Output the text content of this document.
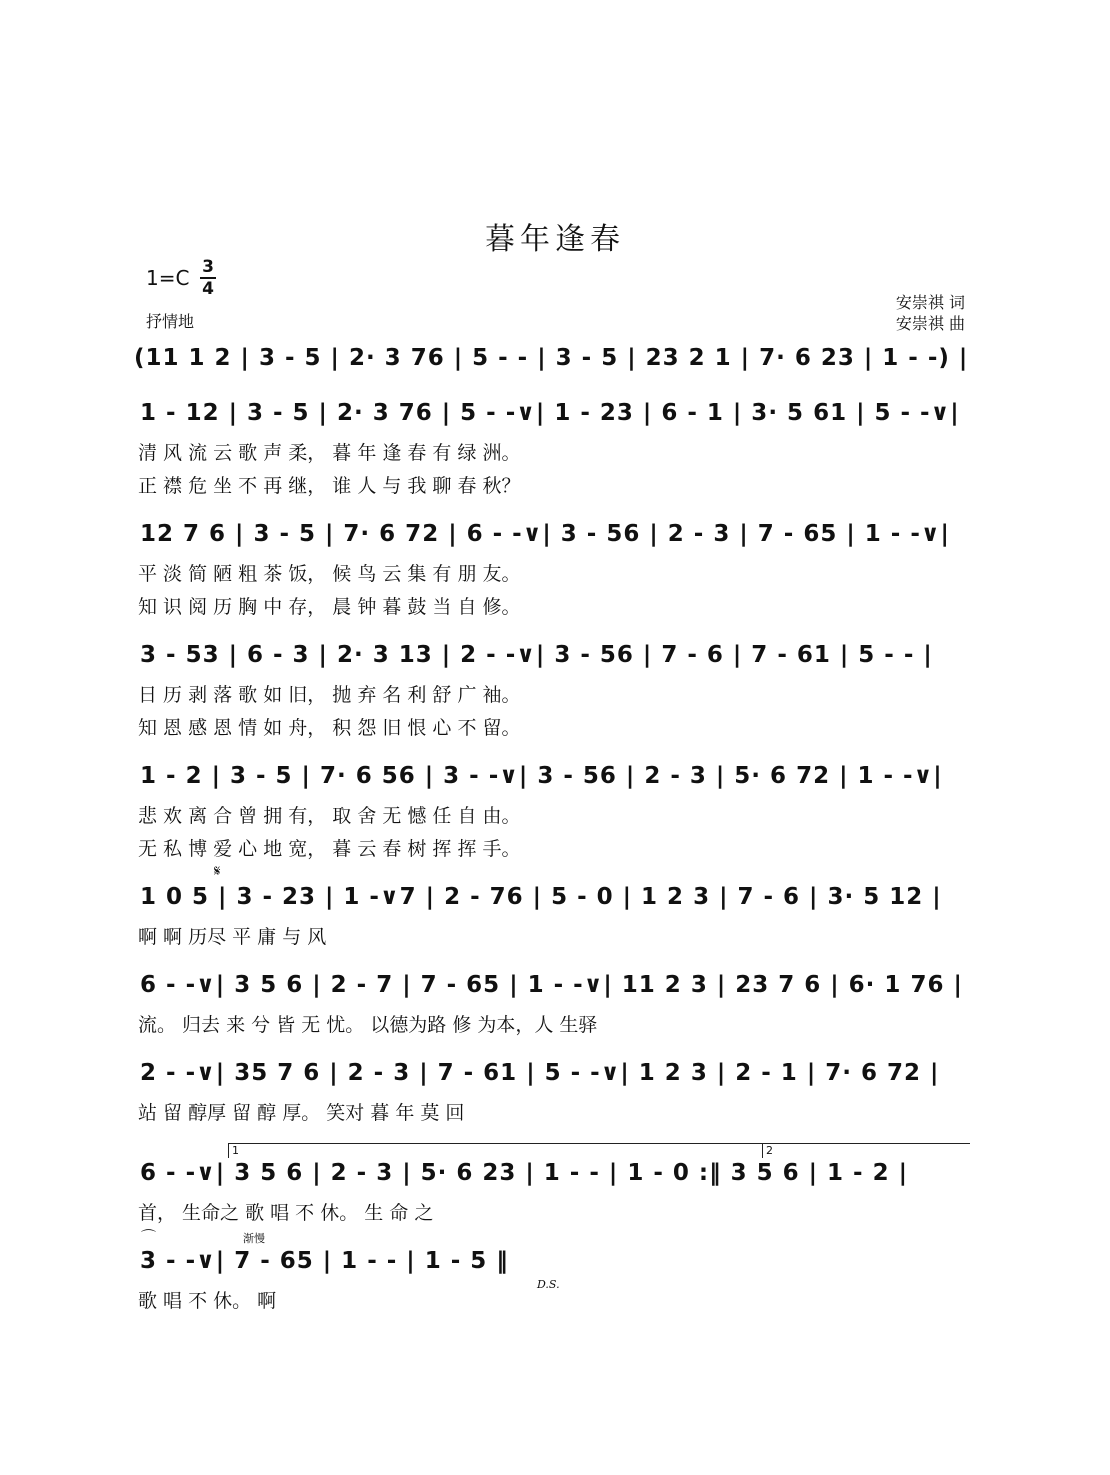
暮年逢春
1=C 3
4
抒情地
安崇祺 词
安崇祺 曲
(11 1 2 | 3 - 5 | 2· 3 76 | 5 - - | 3 - 5 | 23 2 1 | 7· 6 23 | 1 - -) |
1 - 12 | 3 - 5 | 2· 3 76 | 5 - -∨| 1 - 23 | 6 - 1 | 3· 5 61 | 5 - -∨|
清 风 流 云 歌 声 柔， 暮 年 逢 春 有 绿 洲。
正 襟 危 坐 不 再 继， 谁 人 与 我 聊 春 秋？
12 7 6 | 3 - 5 | 7· 6 72 | 6 - -∨| 3 - 56 | 2 - 3 | 7 - 65 | 1 - -∨|
平 淡 简 陋 粗 茶 饭， 候 鸟 云 集 有 朋 友。
知 识 阅 历 胸 中 存， 晨 钟 暮 鼓 当 自 修。
3 - 53 | 6 - 3 | 2· 3 13 | 2 - -∨| 3 - 56 | 7 - 6 | 7 - 61 | 5 - - |
日 历 剥 落 歌 如 旧， 抛 弃 名 利 舒 广 袖。
知 恩 感 恩 情 如 舟， 积 怨 旧 恨 心 不 留。
1 - 2 | 3 - 5 | 7· 6 56 | 3 - -∨| 3 - 56 | 2 - 3 | 5· 6 72 | 1 - -∨|
悲 欢 离 合 曾 拥 有， 取 舍 无 憾 任 自 由。
无 私 博 爱 心 地 宽， 暮 云 春 树 挥 挥 手。
𝄋
1 0 5 | 3 - 23 | 1 -∨7 | 2 - 76 | 5 - 0 | 1 2 3 | 7 - 6 | 3· 5 12 |
啊 啊 历尽 平 庸 与 风
6 - -∨| 3 5 6 | 2 - 7 | 7 - 65 | 1 - -∨| 11 2 3 | 23 7 6 | 6· 1 76 |
流。 归去 来 兮 皆 无 忧。 以德为路 修 为本，人 生驿
2 - -∨| 35 7 6 | 2 - 3 | 7 - 61 | 5 - -∨| 1 2 3 | 2 - 1 | 7· 6 72 |
站 留 醇厚 留 醇 厚。 笑对 暮 年 莫 回
1	2
6 - -∨| 3 5 6 | 2 - 3 | 5· 6 23 | 1 - - | 1 - 0 :‖ 3 5 6 | 1 - 2 |
首， 生命之 歌 唱 不 休。 生 命 之
⌒	渐慢
3 - -∨| 7 - 65 | 1 - - | 1 - 5 ‖
D.S.
歌 唱 不 休。 啊
